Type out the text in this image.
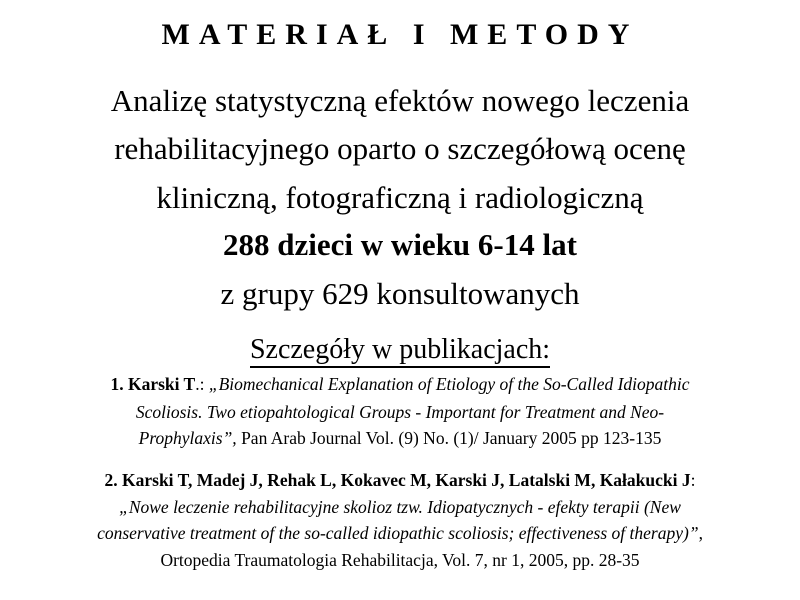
MATERIAŁ I METODY
Analizę statystyczną efektów nowego leczenia
rehabilitacyjnego oparto o szczegółową ocenę
kliniczną, fotograficzną i radiologiczną
288 dzieci w wieku 6-14 lat
z grupy 629 konsultowanych
Szczegóły w publikacjach:
1. Karski T.: „Biomechanical Explanation of Etiology of the So-Called Idiopathic
Scoliosis. Two etiopahtological Groups - Important for Treatment and Neo-
Prophylaxis”, Pan Arab Journal Vol. (9) No. (1)/ January 2005 pp 123-135
2. Karski T, Madej J, Rehak L, Kokavec M, Karski J, Latalski M, Kałakucki J:
„Nowe leczenie rehabilitacyjne skolioz tzw. Idiopatycznych - efekty terapii (New
conservative treatment of the so-called idiopathic scoliosis; effectiveness of therapy)”,
Ortopedia Traumatologia Rehabilitacja, Vol. 7, nr 1, 2005, pp. 28-35
